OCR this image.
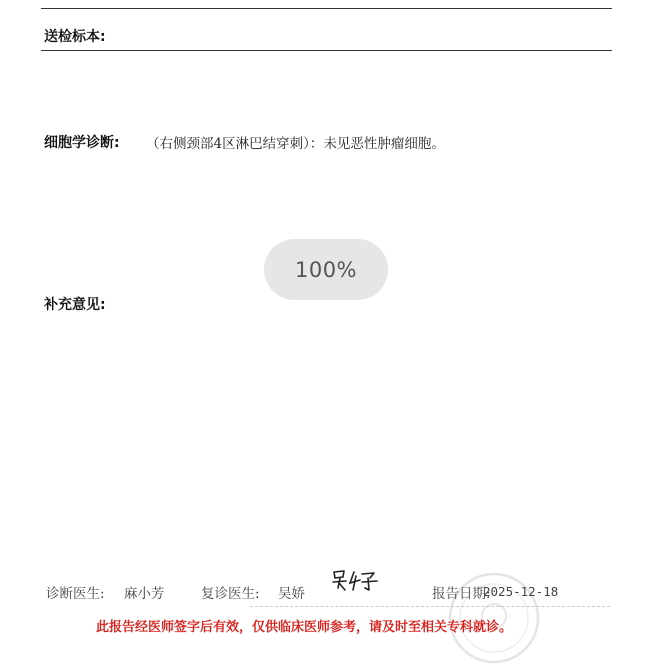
送检标本:
细胞学诊断: （右侧颈部4区淋巴结穿刺）：未见恶性肿瘤细胞。
100%
补充意见:
诊断医生: 麻小芳	复诊医生: 吴娇	报告日期:
2025-12-18
此报告经医师签字后有效，仅供临床医师参考，请及时至相关专科就诊。
